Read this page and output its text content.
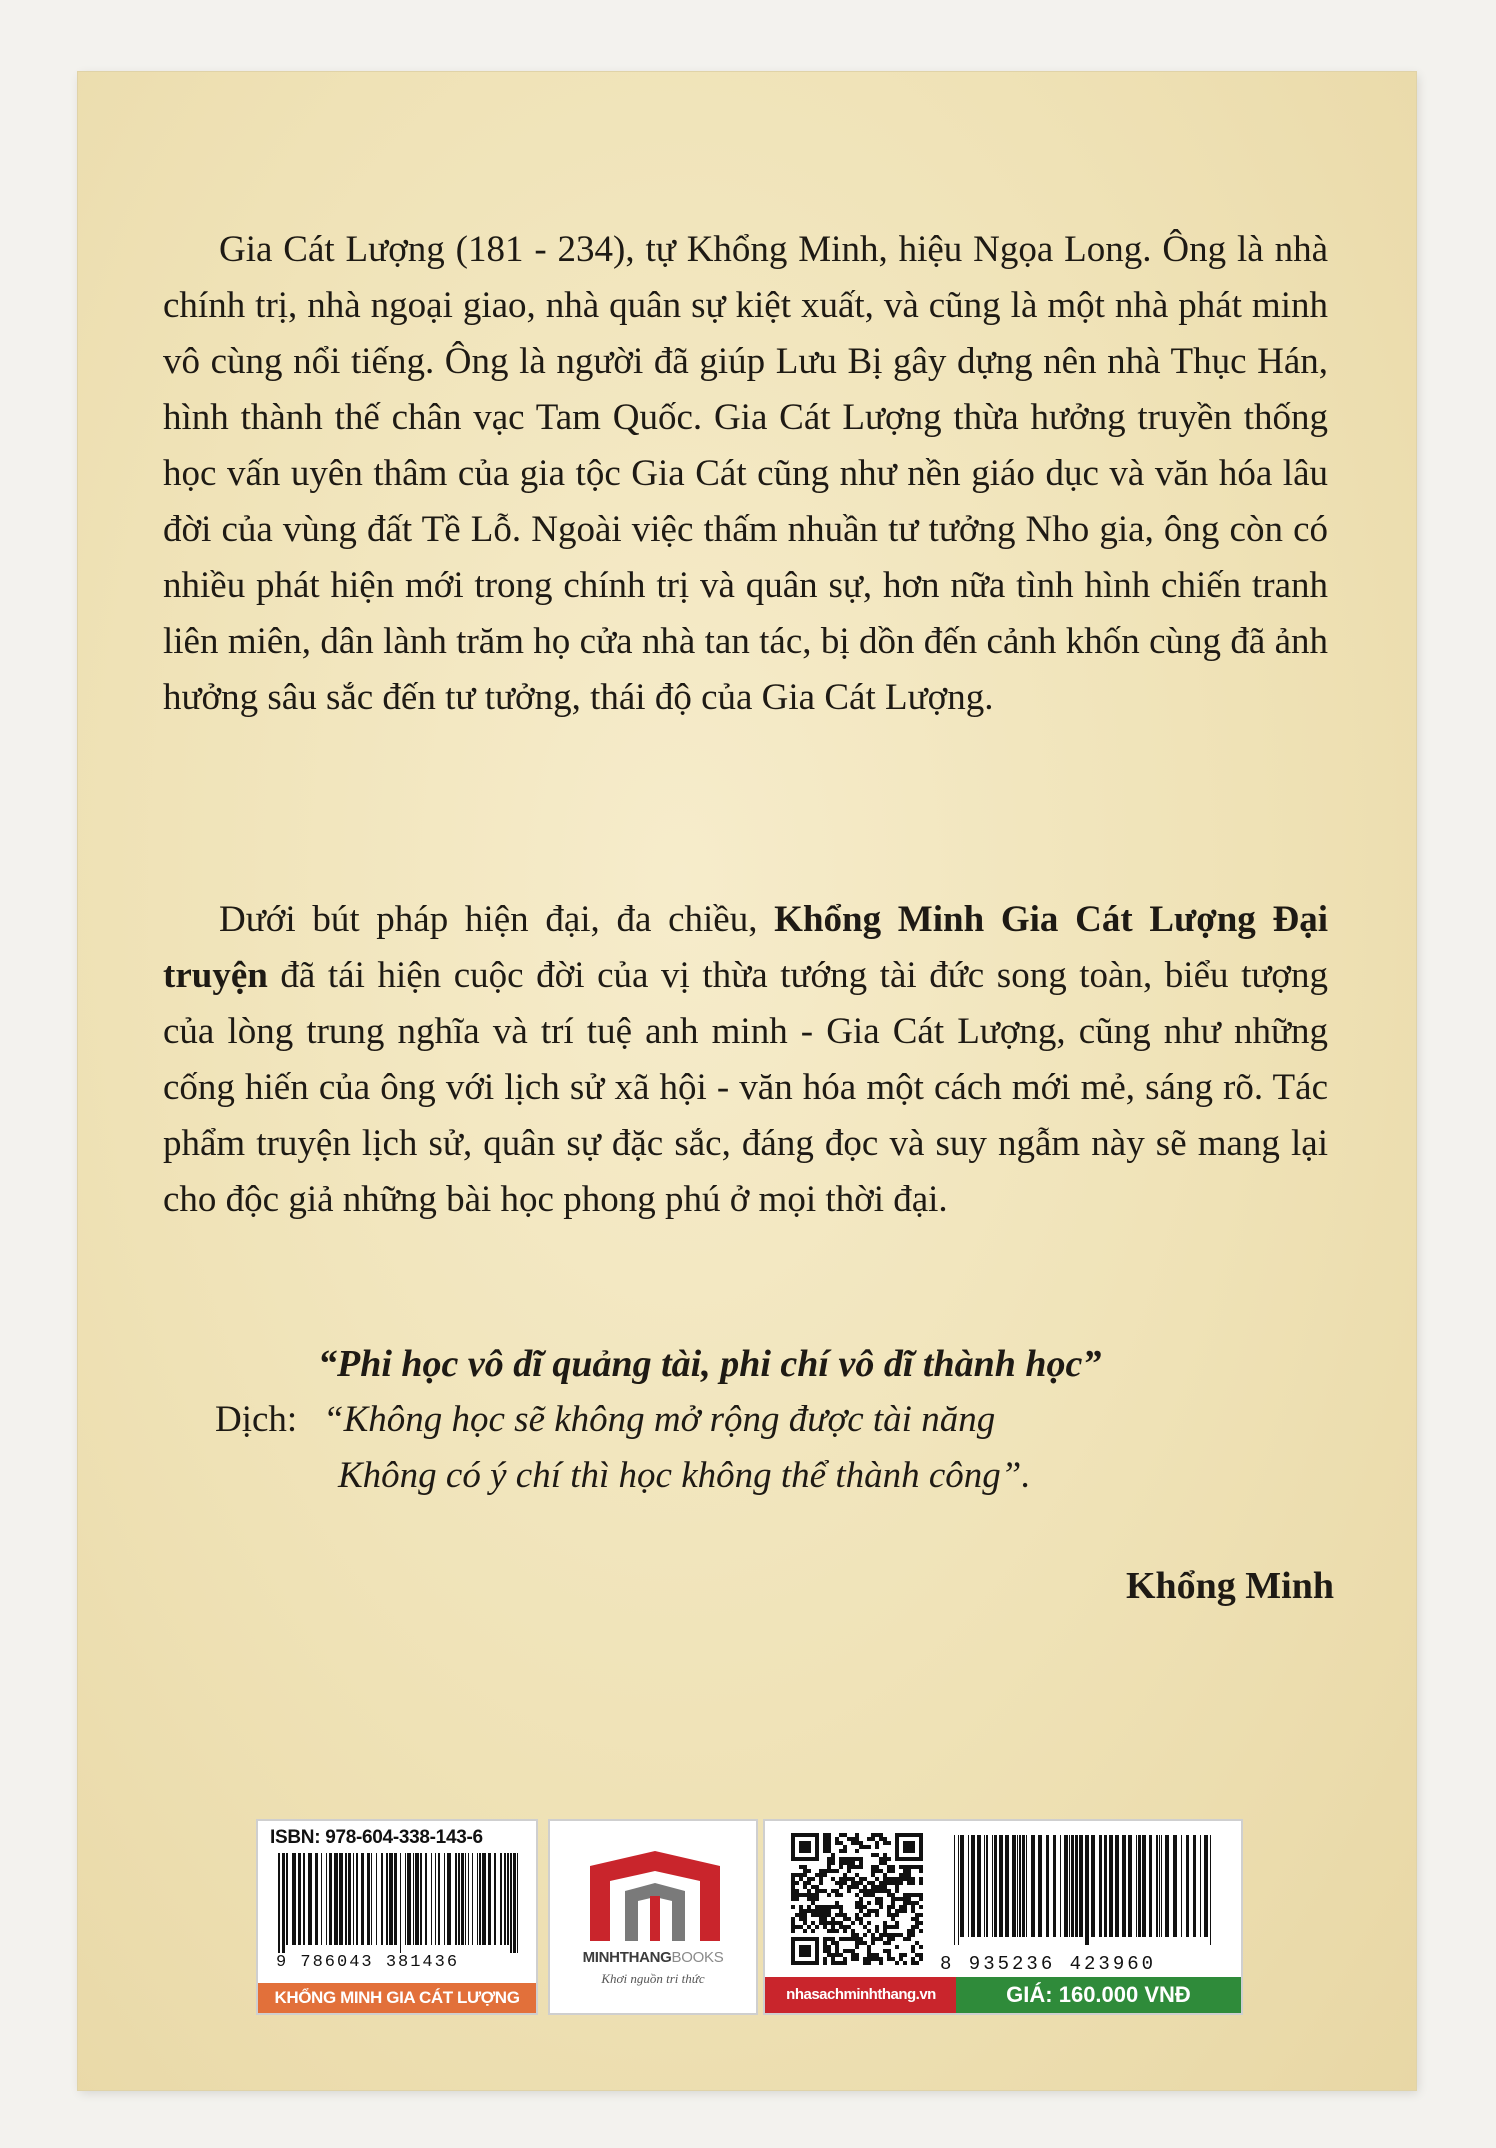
Gia Cát Lượng (181 - 234), tự Khổng Minh, hiệu Ngọa Long. Ông là nhà chính trị, nhà ngoại giao, nhà quân sự kiệt xuất, và cũng là một nhà phát minh vô cùng nổi tiếng. Ông là người đã giúp Lưu Bị gây dựng nên nhà Thục Hán, hình thành thế chân vạc Tam Quốc. Gia Cát Lượng thừa hưởng truyền thống học vấn uyên thâm của gia tộc Gia Cát cũng như nền giáo dục và văn hóa lâu đời của vùng đất Tề Lỗ. Ngoài việc thấm nhuần tư tưởng Nho gia, ông còn có nhiều phát hiện mới trong chính trị và quân sự, hơn nữa tình hình chiến tranh liên miên, dân lành trăm họ cửa nhà tan tác, bị dồn đến cảnh khốn cùng đã ảnh hưởng sâu sắc đến tư tưởng, thái độ của Gia Cát Lượng.
Dưới bút pháp hiện đại, đa chiều, Khổng Minh Gia Cát Lượng Đại truyện đã tái hiện cuộc đời của vị thừa tướng tài đức song toàn, biểu tượng của lòng trung nghĩa và trí tuệ anh minh - Gia Cát Lượng, cũng như những cống hiến của ông với lịch sử xã hội - văn hóa một cách mới mẻ, sáng rõ. Tác phẩm truyện lịch sử, quân sự đặc sắc, đáng đọc và suy ngẫm này sẽ mang lại cho độc giả những bài học phong phú ở mọi thời đại.
“Phi học vô dĩ quảng tài, phi chí vô dĩ thành học”
Dịch: “Không học sẽ không mở rộng được tài năng
Không có ý chí thì học không thể thành công”.
Khổng Minh
ISBN: 978-604-338-143-6
9 786043 381436
KHỔNG MINH GIA CÁT LƯỢNG
MINHTHANGBOOKS
Khơi nguồn tri thức
8 935236 423960
nhasachminhthang.vn	GIÁ: 160.000 VNĐ
